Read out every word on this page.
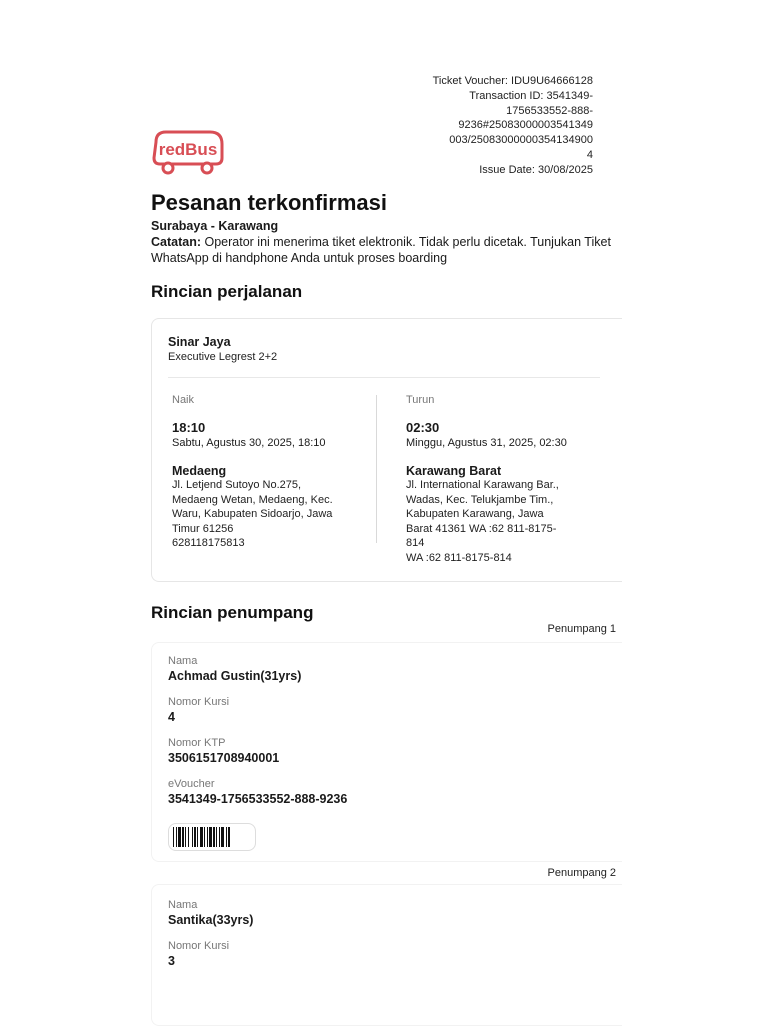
Ticket Voucher: IDU9U64666128
Transaction ID: 3541349-
1756533552-888-
9236#25083000003541349
003/25083000000354134900
4
Issue Date: 30/08/2025
redBus
Pesanan terkonfirmasi
Surabaya - Karawang
Catatan: Operator ini menerima tiket elektronik. Tidak perlu dicetak. Tunjukan Tiket WhatsApp di handphone Anda untuk proses boarding
Rincian perjalanan
Sinar Jaya
Executive Legrest 2+2
Naik
18:10
Sabtu, Agustus 30, 2025, 18:10
Medaeng
Jl. Letjend Sutoyo No.275,
Medaeng Wetan, Medaeng, Kec.
Waru, Kabupaten Sidoarjo, Jawa
Timur 61256
628118175813
Turun
02:30
Minggu, Agustus 31, 2025, 02:30
Karawang Barat
Jl. International Karawang Bar.,
Wadas, Kec. Telukjambe Tim.,
Kabupaten Karawang, Jawa
Barat 41361 WA :62 811-8175-
814
WA :62 811-8175-814
Rincian penumpang
Penumpang 1
Nama
Achmad Gustin(31yrs)
Nomor Kursi
4
Nomor KTP
3506151708940001
eVoucher
3541349-1756533552-888-9236
Penumpang 2
Nama
Santika(33yrs)
Nomor Kursi
3
